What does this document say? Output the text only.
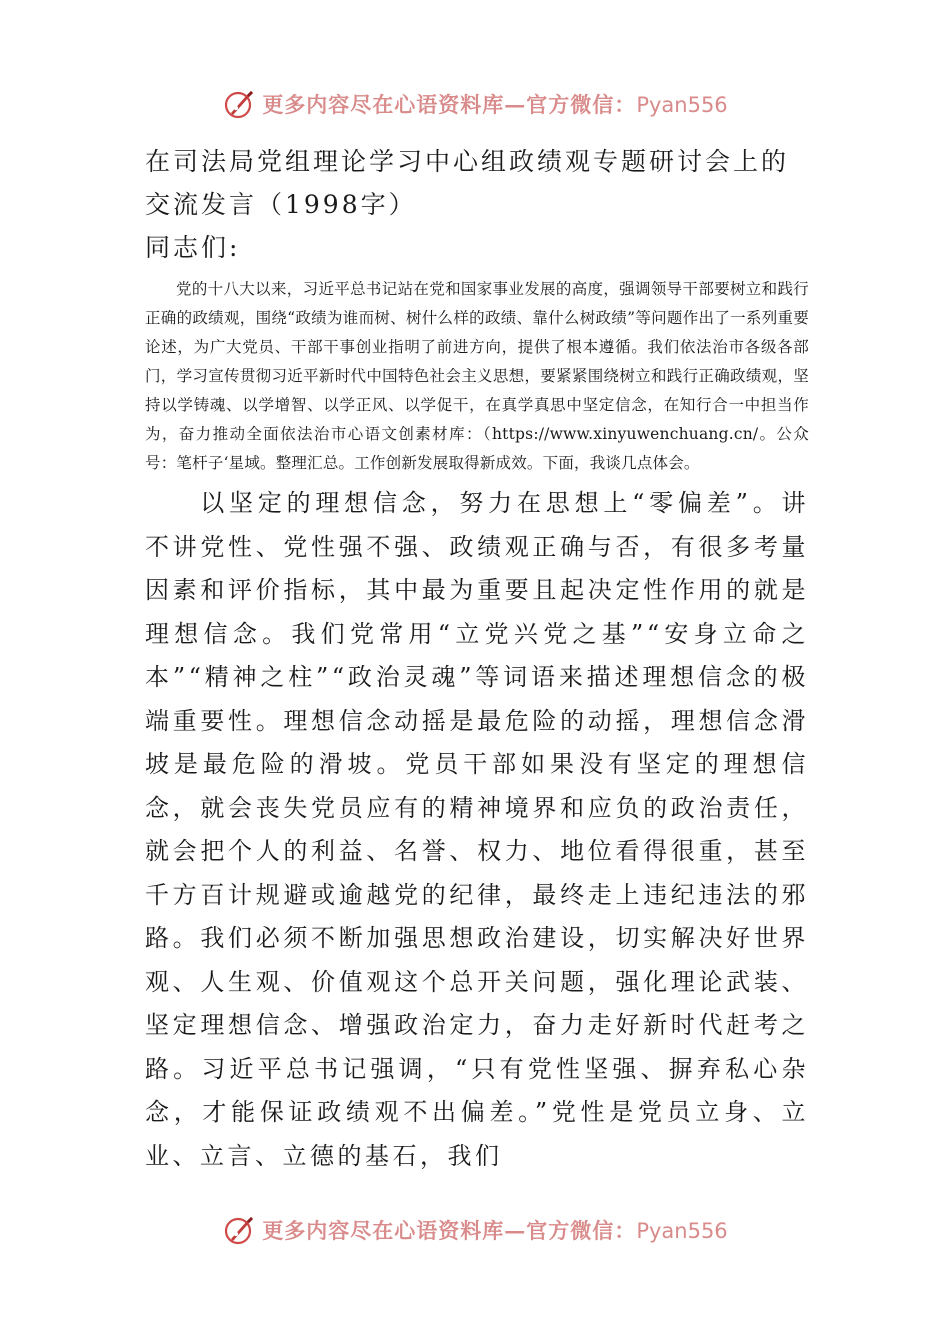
更多内容尽在心语资料库—官方微信：Pyan556
在司法局党组理论学习中心组政绩观专题研讨会上的交流发言（1998字）

同志们:

党的十八大以来，习近平总书记站在党和国家事业发展的高度，强调领导干部要树立和践行正确的政绩观，围绕“政绩为谁而树、树什么样的政绩、靠什么树政绩”等问题作出了一系列重要论述，为广大党员、干部干事创业指明了前进方向，提供了根本遵循。我们依法治市各级各部门，学习宣传贯彻习近平新时代中国特色社会主义思想，要紧紧围绕树立和践行正确政绩观，坚持以学铸魂、以学增智、以学正风、以学促干，在真学真思中坚定信念，在知行合一中担当作为，奋力推动全面依法治市心语文创素材库：（https://www.xinyuwenchuang.cn/。公众号：笔杆子‘星域。整理汇总。工作创新发展取得新成效。下面，我谈几点体会。

以坚定的理想信念，努力在思想上“零偏差”。讲不讲党性、党性强不强、政绩观正确与否，有很多考量因素和评价指标，其中最为重要且起决定性作用的就是理想信念。我们党常用“立党兴党之基”“安身立命之本”“精神之柱”“政治灵魂”等词语来描述理想信念的极端重要性。理想信念动摇是最危险的动摇，理想信念滑坡是最危险的滑坡。党员干部如果没有坚定的理想信念，就会丧失党员应有的精神境界和应负的政治责任，就会把个人的利益、名誉、权力、地位看得很重，甚至千方百计规避或逾越党的纪律，最终走上违纪违法的邪路。我们必须不断加强思想政治建设，切实解决好世界观、人生观、价值观这个总开关问题，强化理论武装、坚定理想信念、增强政治定力，奋力走好新时代赶考之路。习近平总书记强调，“只有党性坚强、摒弃私心杂念，才能保证政绩观不出偏差。”党性是党员立身、立业、立言、立德的基石，我们

更多内容尽在心语资料库—官方微信：Pyan556
